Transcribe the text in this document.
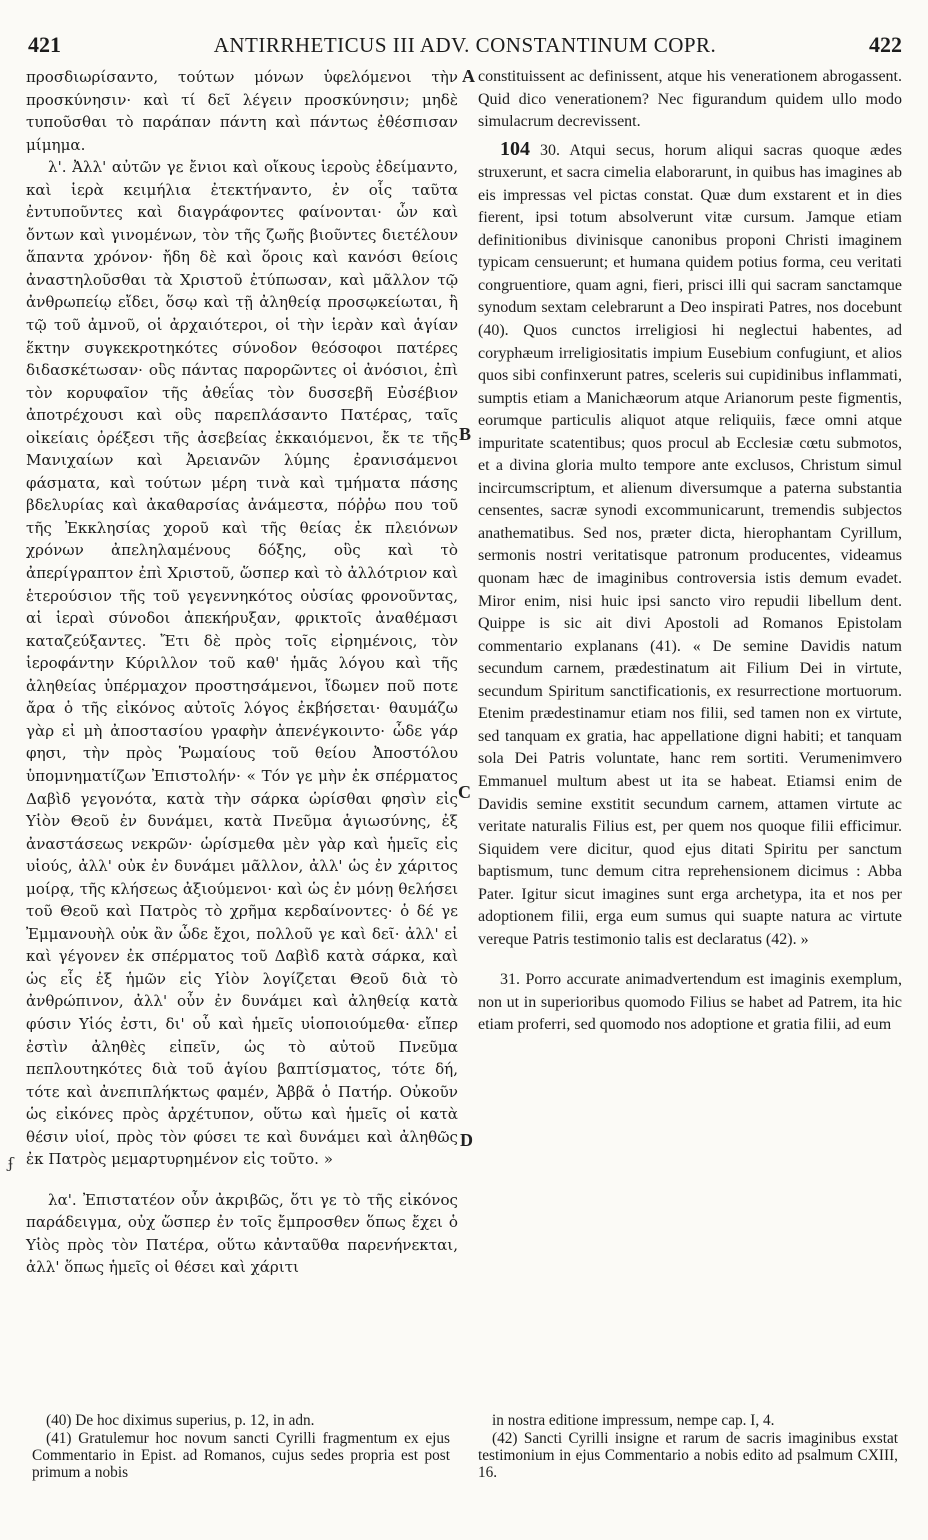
421	ANTIRRHETICUS III ADV. CONSTANTINUM COPR.	422

προσδιωρίσαντο, τούτων μόνων ὑφελόμενοι τὴν προσκύνησιν· καὶ τί δεῖ λέγειν προσκύνησιν; μηδὲ τυποῦσθαι τὸ παράπαν πάντη καὶ πάντως ἐθέσπισαν μίμημα.

λ'. Ἀλλ' αὐτῶν γε ἔνιοι καὶ οἴκους ἱεροὺς ἐδείμαντο, καὶ ἱερὰ κειμήλια ἐτεκτήναντο, ἐν οἷς ταῦτα ἐντυποῦντες καὶ διαγράφοντες φαίνονται· ὧν καὶ ὄντων καὶ γινομένων, τὸν τῆς ζωῆς βιοῦντες διετέλουν ἅπαντα χρόνον· ἤδη δὲ καὶ ὅροις καὶ κανόσι θείοις ἀναστηλοῦσθαι τὰ Χριστοῦ ἐτύπωσαν, καὶ μᾶλλον τῷ ἀνθρωπείῳ εἴδει, ὅσῳ καὶ τῇ ἀληθείᾳ προσῳκείωται, ἢ τῷ τοῦ ἀμνοῦ, οἱ ἀρχαιότεροι, οἱ τὴν ἱερὰν καὶ ἁγίαν ἕκτην συγκεκροτηκότες σύνοδον θεόσοφοι πατέρες διδασκέτωσαν· οὓς πάντας παρορῶντες οἱ ἀνόσιοι, ἐπὶ τὸν κορυφαῖον τῆς ἀθεΐας τὸν δυσσεβῆ Εὐσέβιον ἀποτρέχουσι καὶ οὓς παρεπλάσαντο Πατέρας, ταῖς οἰκείαις ὀρέξεσι τῆς ἀσεβείας ἐκκαιόμενοι, ἔκ τε τῆς Μανιχαίων καὶ Ἀρειανῶν λύμης ἐρανισάμενοι φάσματα, καὶ τούτων μέρη τινὰ καὶ τμήματα πάσης βδελυρίας καὶ ἀκαθαρσίας ἀνάμεστα, πόῤῥω που τοῦ τῆς Ἐκκλησίας χοροῦ καὶ τῆς θείας ἐκ πλειόνων χρόνων ἀπεληλαμένους δόξης, οὓς καὶ τὸ ἀπερίγραπτον ἐπὶ Χριστοῦ, ὥσπερ καὶ τὸ ἀλλότριον καὶ ἑτερούσιον τῆς τοῦ γεγεννηκότος οὐσίας φρονοῦντας, αἱ ἱεραὶ σύνοδοι ἀπεκήρυξαν, φρικτοῖς ἀναθέμασι καταζεύξαντες. Ἔτι δὲ πρὸς τοῖς εἰρημένοις, τὸν ἱεροφάντην Κύριλλον τοῦ καθ' ἡμᾶς λόγου καὶ τῆς ἀληθείας ὑπέρμαχον προστησάμενοι, ἴδωμεν ποῦ ποτε ἄρα ὁ τῆς εἰκόνος αὐτοῖς λόγος ἐκβήσεται· θαυμάζω γὰρ εἰ μὴ ἀποστασίου γραφὴν ἀπενέγκοιντο· ὧδε γάρ φησι, τὴν πρὸς Ῥωμαίους τοῦ θείου Ἀποστόλου ὑπομνηματίζων Ἐπιστολήν· « Τόν γε μὴν ἐκ σπέρματος Δαβὶδ γεγονότα, κατὰ τὴν σάρκα ὡρίσθαι φησὶν εἰς Υἱὸν Θεοῦ ἐν δυνάμει, κατὰ Πνεῦμα ἁγιωσύνης, ἐξ ἀναστάσεως νεκρῶν· ὡρίσμεθα μὲν γὰρ καὶ ἡμεῖς εἰς υἱούς, ἀλλ' οὐκ ἐν δυνάμει μᾶλλον, ἀλλ' ὡς ἐν χάριτος μοίρᾳ, τῆς κλήσεως ἀξιούμενοι· καὶ ὡς ἐν μόνῃ θελήσει τοῦ Θεοῦ καὶ Πατρὸς τὸ χρῆμα κερδαίνοντες· ὁ δέ γε Ἐμμανουὴλ οὐκ ἂν ὧδε ἔχοι, πολλοῦ γε καὶ δεῖ· ἀλλ' εἰ καὶ γέγονεν ἐκ σπέρματος τοῦ Δαβὶδ κατὰ σάρκα, καὶ ὡς εἷς ἐξ ἡμῶν εἰς Υἱὸν λογίζεται Θεοῦ διὰ τὸ ἀνθρώπινον, ἀλλ' οὖν ἐν δυνάμει καὶ ἀληθείᾳ κατὰ φύσιν Υἱός ἐστι, δι' οὗ καὶ ἡμεῖς υἱοποιούμεθα· εἴπερ ἐστὶν ἀληθὲς εἰπεῖν, ὡς τὸ αὐτοῦ Πνεῦμα πεπλουτηκότες διὰ τοῦ ἁγίου βαπτίσματος, τότε δή, τότε καὶ ἀνεπιπλήκτως φαμέν, Ἀββᾶ ὁ Πατήρ. Οὐκοῦν ὡς εἰκόνες πρὸς ἀρχέτυπον, οὕτω καὶ ἡμεῖς οἱ κατὰ θέσιν υἱοί, πρὸς τὸν φύσει τε καὶ δυνάμει καὶ ἀληθῶς ἐκ Πατρὸς μεμαρτυρημένον εἰς τοῦτο. »

λα'. Ἐπιστατέον οὖν ἀκριβῶς, ὅτι γε τὸ τῆς εἰκόνος παράδειγμα, οὐχ ὥσπερ ἐν τοῖς ἔμπροσθεν ὅπως ἔχει ὁ Υἱὸς πρὸς τὸν Πατέρα, οὕτω κἀνταῦθα παρενήνεκται, ἀλλ' ὅπως ἡμεῖς οἱ θέσει καὶ χάριτι

A
B
C
D
ʄ

constituissent ac definissent, atque his venerationem abrogassent. Quid dico venerationem? Nec figurandum quidem ullo modo simulacrum decrevissent.

104 30. Atqui secus, horum aliqui sacras quoque ædes struxerunt, et sacra cimelia elaborarunt, in quibus has imagines ab eis impressas vel pictas constat. Quæ dum exstarent et in dies fierent, ipsi totum absolverunt vitæ cursum. Jamque etiam definitionibus divinisque canonibus proponi Christi imaginem typicam censuerunt; et humana quidem potius forma, ceu veritati congruentiore, quam agni, fieri, prisci illi qui sacram sanctamque synodum sextam celebrarunt a Deo inspirati Patres, nos docebunt (40). Quos cunctos irreligiosi hi neglectui habentes, ad coryphæum irreligiositatis impium Eusebium confugiunt, et alios quos sibi confinxerunt patres, sceleris sui cupidinibus inflammati, sumptis etiam a Manichæorum atque Arianorum peste figmentis, eorumque particulis aliquot atque reliquiis, fæce omni atque impuritate scatentibus; quos procul ab Ecclesiæ cœtu submotos, et a divina gloria multo tempore ante exclusos, Christum simul incircumscriptum, et alienum diversumque a paterna substantia censentes, sacræ synodi excommunicarunt, tremendis subjectos anathematibus. Sed nos, præter dicta, hierophantam Cyrillum, sermonis nostri veritatisque patronum producentes, videamus quonam hæc de imaginibus controversia istis demum evadet. Miror enim, nisi huic ipsi sancto viro repudii libellum dent. Quippe is sic ait divi Apostoli ad Romanos Epistolam commentario explanans (41). « De semine Davidis natum secundum carnem, prædestinatum ait Filium Dei in virtute, secundum Spiritum sanctificationis, ex resurrectione mortuorum. Etenim prædestinamur etiam nos filii, sed tamen non ex virtute, sed tanquam ex gratia, hac appellatione digni habiti; et tanquam sola Dei Patris voluntate, hanc rem sortiti. Verumenimvero Emmanuel multum abest ut ita se habeat. Etiamsi enim de Davidis semine exstitit secundum carnem, attamen virtute ac veritate naturalis Filius est, per quem nos quoque filii efficimur. Siquidem vere dicitur, quod ejus ditati Spiritu per sanctum baptismum, tunc demum citra reprehensionem dicimus : Abba Pater. Igitur sicut imagines sunt erga archetypa, ita et nos per adoptionem filii, erga eum sumus qui suapte natura ac virtute vereque Patris testimonio talis est declaratus (42). »

31. Porro accurate animadvertendum est imaginis exemplum, non ut in superioribus quomodo Filius se habet ad Patrem, ita hic etiam proferri, sed quomodo nos adoptione et gratia filii, ad eum

(40) De hoc diximus superius, p. 12, in adn.

(41) Gratulemur hoc novum sancti Cyrilli fragmentum ex ejus Commentario in Epist. ad Romanos, cujus sedes propria est post primum a nobis

in nostra editione impressum, nempe cap. I, 4.

(42) Sancti Cyrilli insigne et rarum de sacris imaginibus exstat testimonium in ejus Commentario a nobis edito ad psalmum CXIII, 16.
